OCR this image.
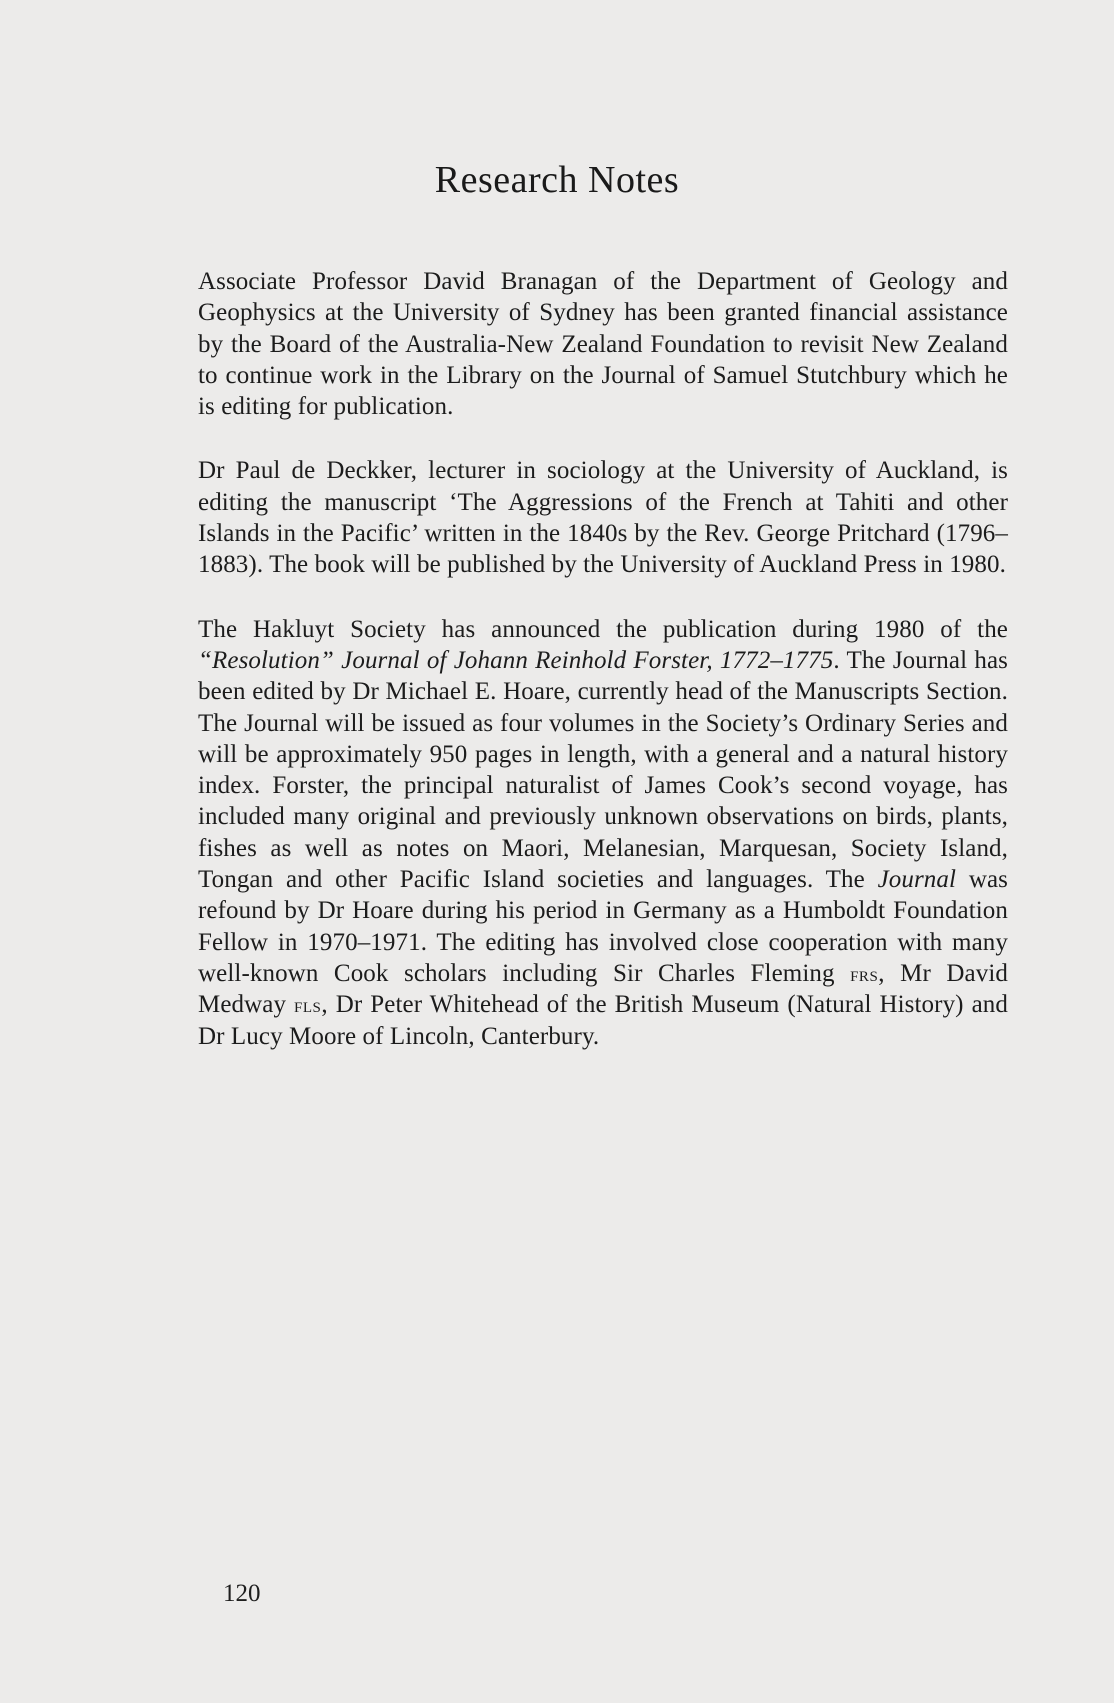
Research Notes

Associate Professor David Branagan of the Department of Geology and Geophysics at the University of Sydney has been granted financial assistance by the Board of the Australia-New Zealand Foundation to revisit New Zealand to continue work in the Library on the Journal of Samuel Stutchbury which he is editing for publication.

Dr Paul de Deckker, lecturer in sociology at the University of Auckland, is editing the manuscript ‘The Aggressions of the French at Tahiti and other Islands in the Pacific’ written in the 1840s by the Rev. George Pritchard (1796–1883). The book will be published by the University of Auckland Press in 1980.

The Hakluyt Society has announced the publication during 1980 of the “Resolution” Journal of Johann Reinhold Forster, 1772–1775. The Journal has been edited by Dr Michael E. Hoare, currently head of the Manuscripts Section. The Journal will be issued as four volumes in the Society’s Ordinary Series and will be approximately 950 pages in length, with a general and a natural history index. Forster, the principal naturalist of James Cook’s second voyage, has included many original and previously unknown observations on birds, plants, fishes as well as notes on Maori, Melanesian, Marquesan, Society Island, Tongan and other Pacific Island societies and languages. The Journal was refound by Dr Hoare during his period in Germany as a Humboldt Foundation Fellow in 1970–1971. The editing has involved close cooperation with many well-known Cook scholars including Sir Charles Fleming frs, Mr David Medway fls, Dr Peter Whitehead of the British Museum (Natural History) and Dr Lucy Moore of Lincoln, Canterbury.

120
